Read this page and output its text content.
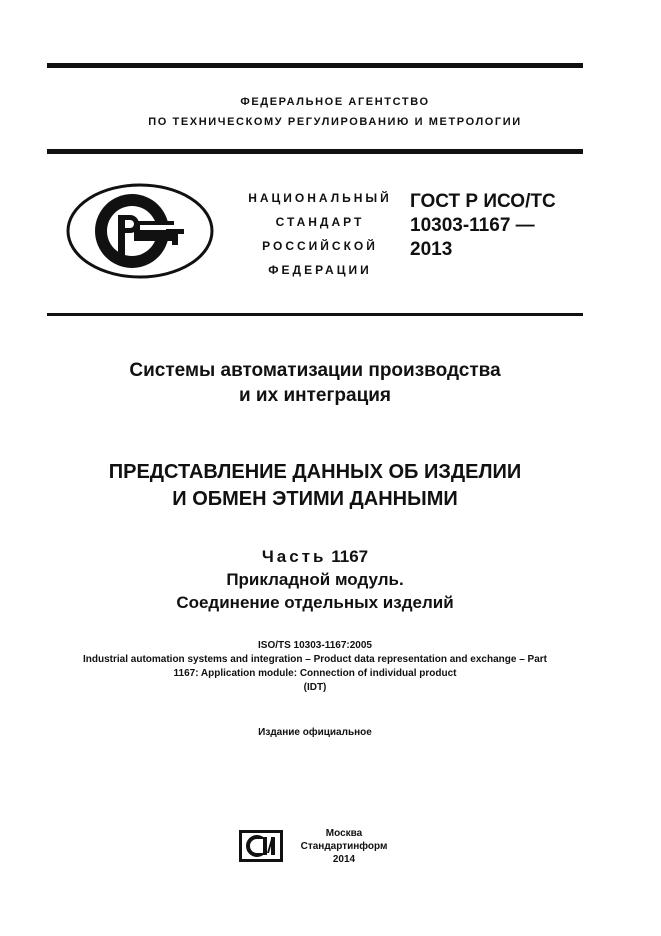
ФЕДЕРАЛЬНОЕ АГЕНТСТВО
ПО ТЕХНИЧЕСКОМУ РЕГУЛИРОВАНИЮ И МЕТРОЛОГИИ
НАЦИОНАЛЬНЫЙ
СТАНДАРТ
РОССИЙСКОЙ
ФЕДЕРАЦИИ
ГОСТ Р ИСО/ТС
10303-1167 —
2013
Системы автоматизации производства
и их интеграция
ПРЕДСТАВЛЕНИЕ ДАННЫХ ОБ ИЗДЕЛИИ
И ОБМЕН ЭТИМИ ДАННЫМИ
Часть 1167
Прикладной модуль.
Соединение отдельных изделий
ISO/TS 10303-1167:2005
Industrial automation systems and integration – Product data representation and exchange – Part
1167: Application module: Connection of individual product
(IDT)
Издание официальное
Москва
Стандартинформ
2014
